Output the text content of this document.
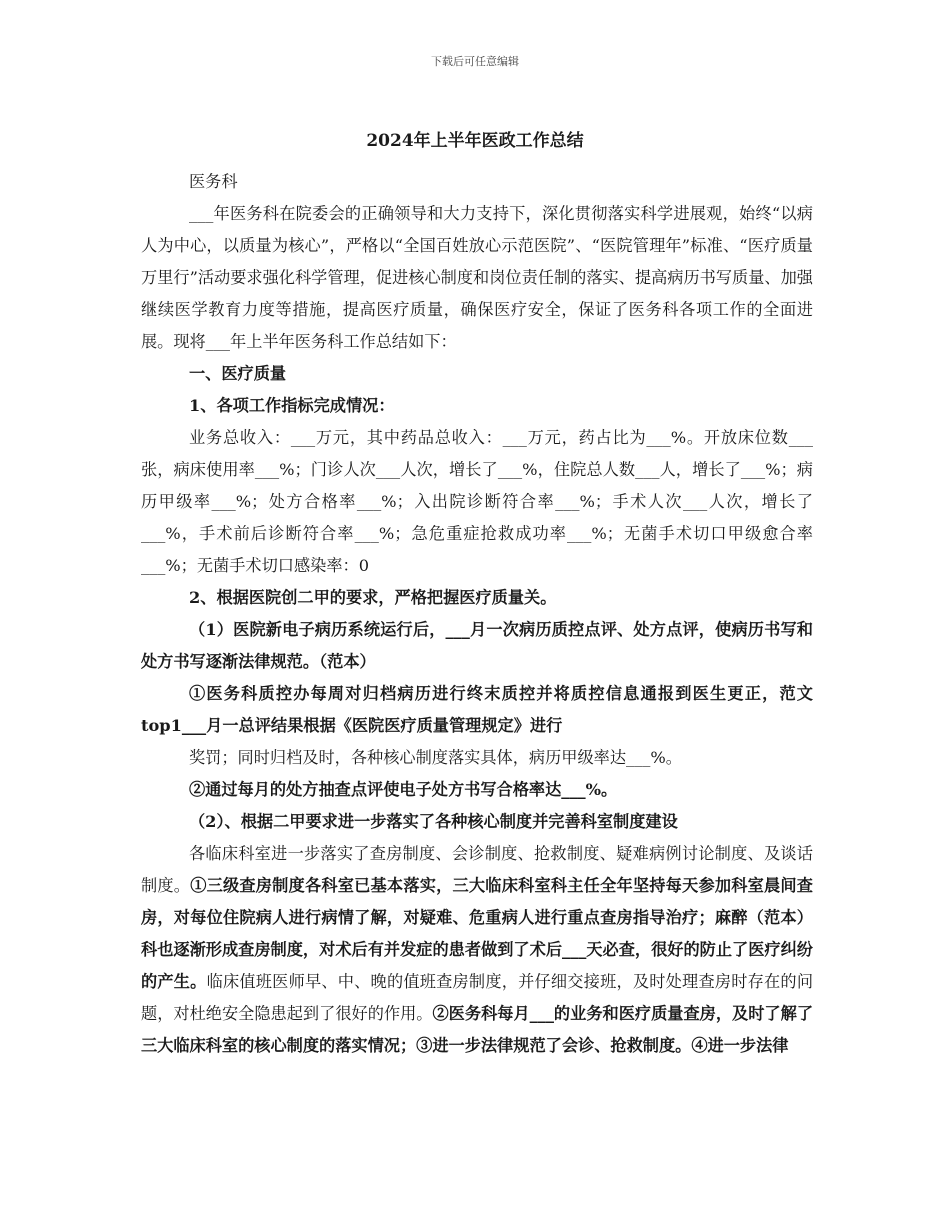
下载后可任意编辑
2024年上半年医政工作总结

医务科

___年医务科在院委会的正确领导和大力支持下，深化贯彻落实科学进展观，始终“以病人为中心，以质量为核心”，严格以“全国百姓放心示范医院”、“医院管理年”标准、“医疗质量万里行”活动要求强化科学管理，促进核心制度和岗位责任制的落实、提高病历书写质量、加强继续医学教育力度等措施，提高医疗质量，确保医疗安全，保证了医务科各项工作的全面进展。现将___年上半年医务科工作总结如下：

一、医疗质量

1、各项工作指标完成情况：

业务总收入：___万元，其中药品总收入：___万元，药占比为___%。开放床位数___张，病床使用率___%；门诊人次___人次，增长了___%，住院总人数___人，增长了___%；病历甲级率___%；处方合格率___%；入出院诊断符合率___%；手术人次___人次，增长了___%，手术前后诊断符合率___%；急危重症抢救成功率___%；无菌手术切口甲级愈合率___%；无菌手术切口感染率：0

2、根据医院创二甲的要求，严格把握医疗质量关。

（1）医院新电子病历系统运行后，___月一次病历质控点评、处方点评，使病历书写和处方书写逐渐法律规范。（范本）

①医务科质控办每周对归档病历进行终末质控并将质控信息通报到医生更正，范文top1___月一总评结果根据《医院医疗质量管理规定》进行

奖罚；同时归档及时，各种核心制度落实具体，病历甲级率达___%。

②通过每月的处方抽查点评使电子处方书写合格率达___%。

（2）、根据二甲要求进一步落实了各种核心制度并完善科室制度建设

各临床科室进一步落实了查房制度、会诊制度、抢救制度、疑难病例讨论制度、及谈话制度。①三级查房制度各科室已基本落实，三大临床科室科主任全年坚持每天参加科室晨间查房，对每位住院病人进行病情了解，对疑难、危重病人进行重点查房指导治疗；麻醉（范本）科也逐渐形成查房制度，对术后有并发症的患者做到了术后___天必查，很好的防止了医疗纠纷的产生。临床值班医师早、中、晚的值班查房制度，并仔细交接班，及时处理查房时存在的问题，对杜绝安全隐患起到了很好的作用。②医务科每月___的业务和医疗质量查房，及时了解了三大临床科室的核心制度的落实情况；③进一步法律规范了会诊、抢救制度。④进一步法律
